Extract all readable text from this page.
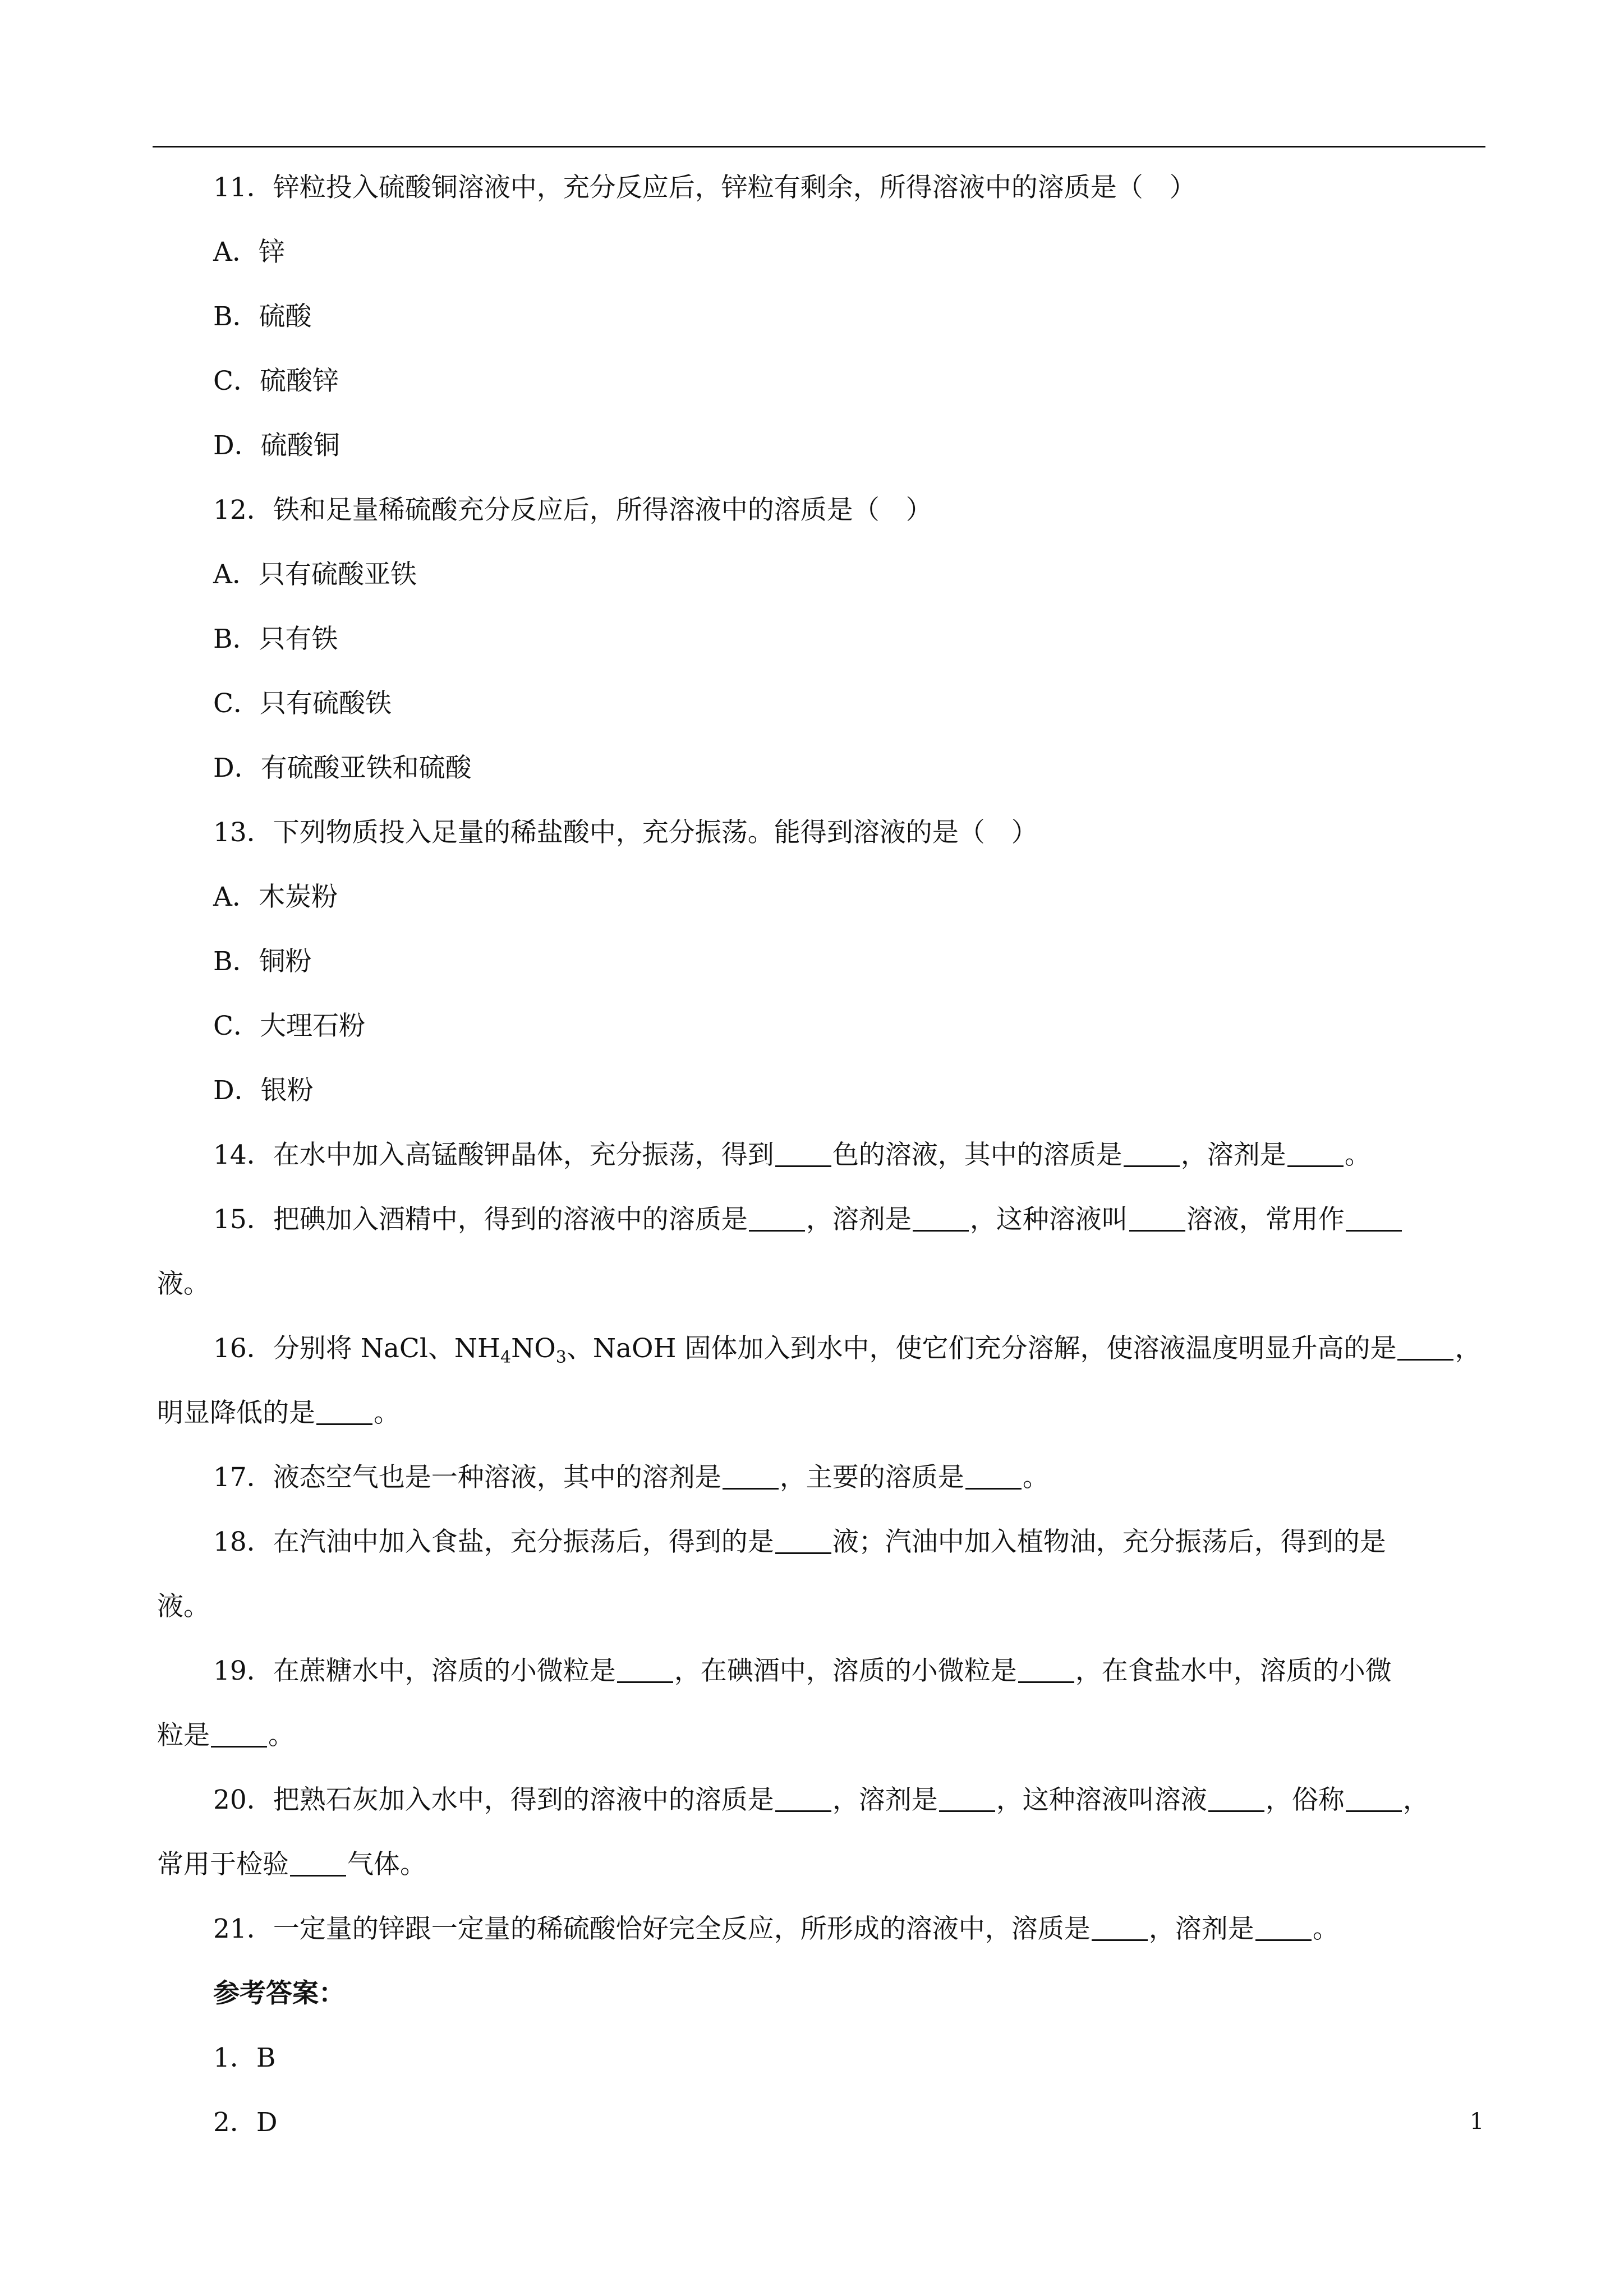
11．锌粒投入硫酸铜溶液中，充分反应后，锌粒有剩余，所得溶液中的溶质是（　）
A．锌
B．硫酸
C．硫酸锌
D．硫酸铜
12．铁和足量稀硫酸充分反应后，所得溶液中的溶质是（　）
A．只有硫酸亚铁
B．只有铁
C．只有硫酸铁
D．有硫酸亚铁和硫酸
13．下列物质投入足量的稀盐酸中，充分振荡。能得到溶液的是（　）
A．木炭粉
B．铜粉
C．大理石粉
D．银粉
14．在水中加入高锰酸钾晶体，充分振荡，得到 色的溶液，其中的溶质是 ，溶剂是 。
15．把碘加入酒精中，得到的溶液中的溶质是 ，溶剂是 ，这种溶液叫 溶液，常用作
液。
16．分别将 NaCl、$NH_4NO_3$、NaOH 固体加入到水中，使它们充分溶解，使溶液温度明显升高的是 ，
明显降低的是 。
17．液态空气也是一种溶液，其中的溶剂是 ，主要的溶质是 。
18．在汽油中加入食盐，充分振荡后，得到的是 液；汽油中加入植物油，充分振荡后，得到的是
液。
19．在蔗糖水中，溶质的小微粒是 ，在碘酒中，溶质的小微粒是 ，在食盐水中，溶质的小微
粒是 。
20．把熟石灰加入水中，得到的溶液中的溶质是 ，溶剂是 ，这种溶液叫溶液 ，俗称 ，
常用于检验 气体。
21．一定量的锌跟一定量的稀硫酸恰好完全反应，所形成的溶液中，溶质是 ，溶剂是 。
参考答案：
1．B
2．D	1
